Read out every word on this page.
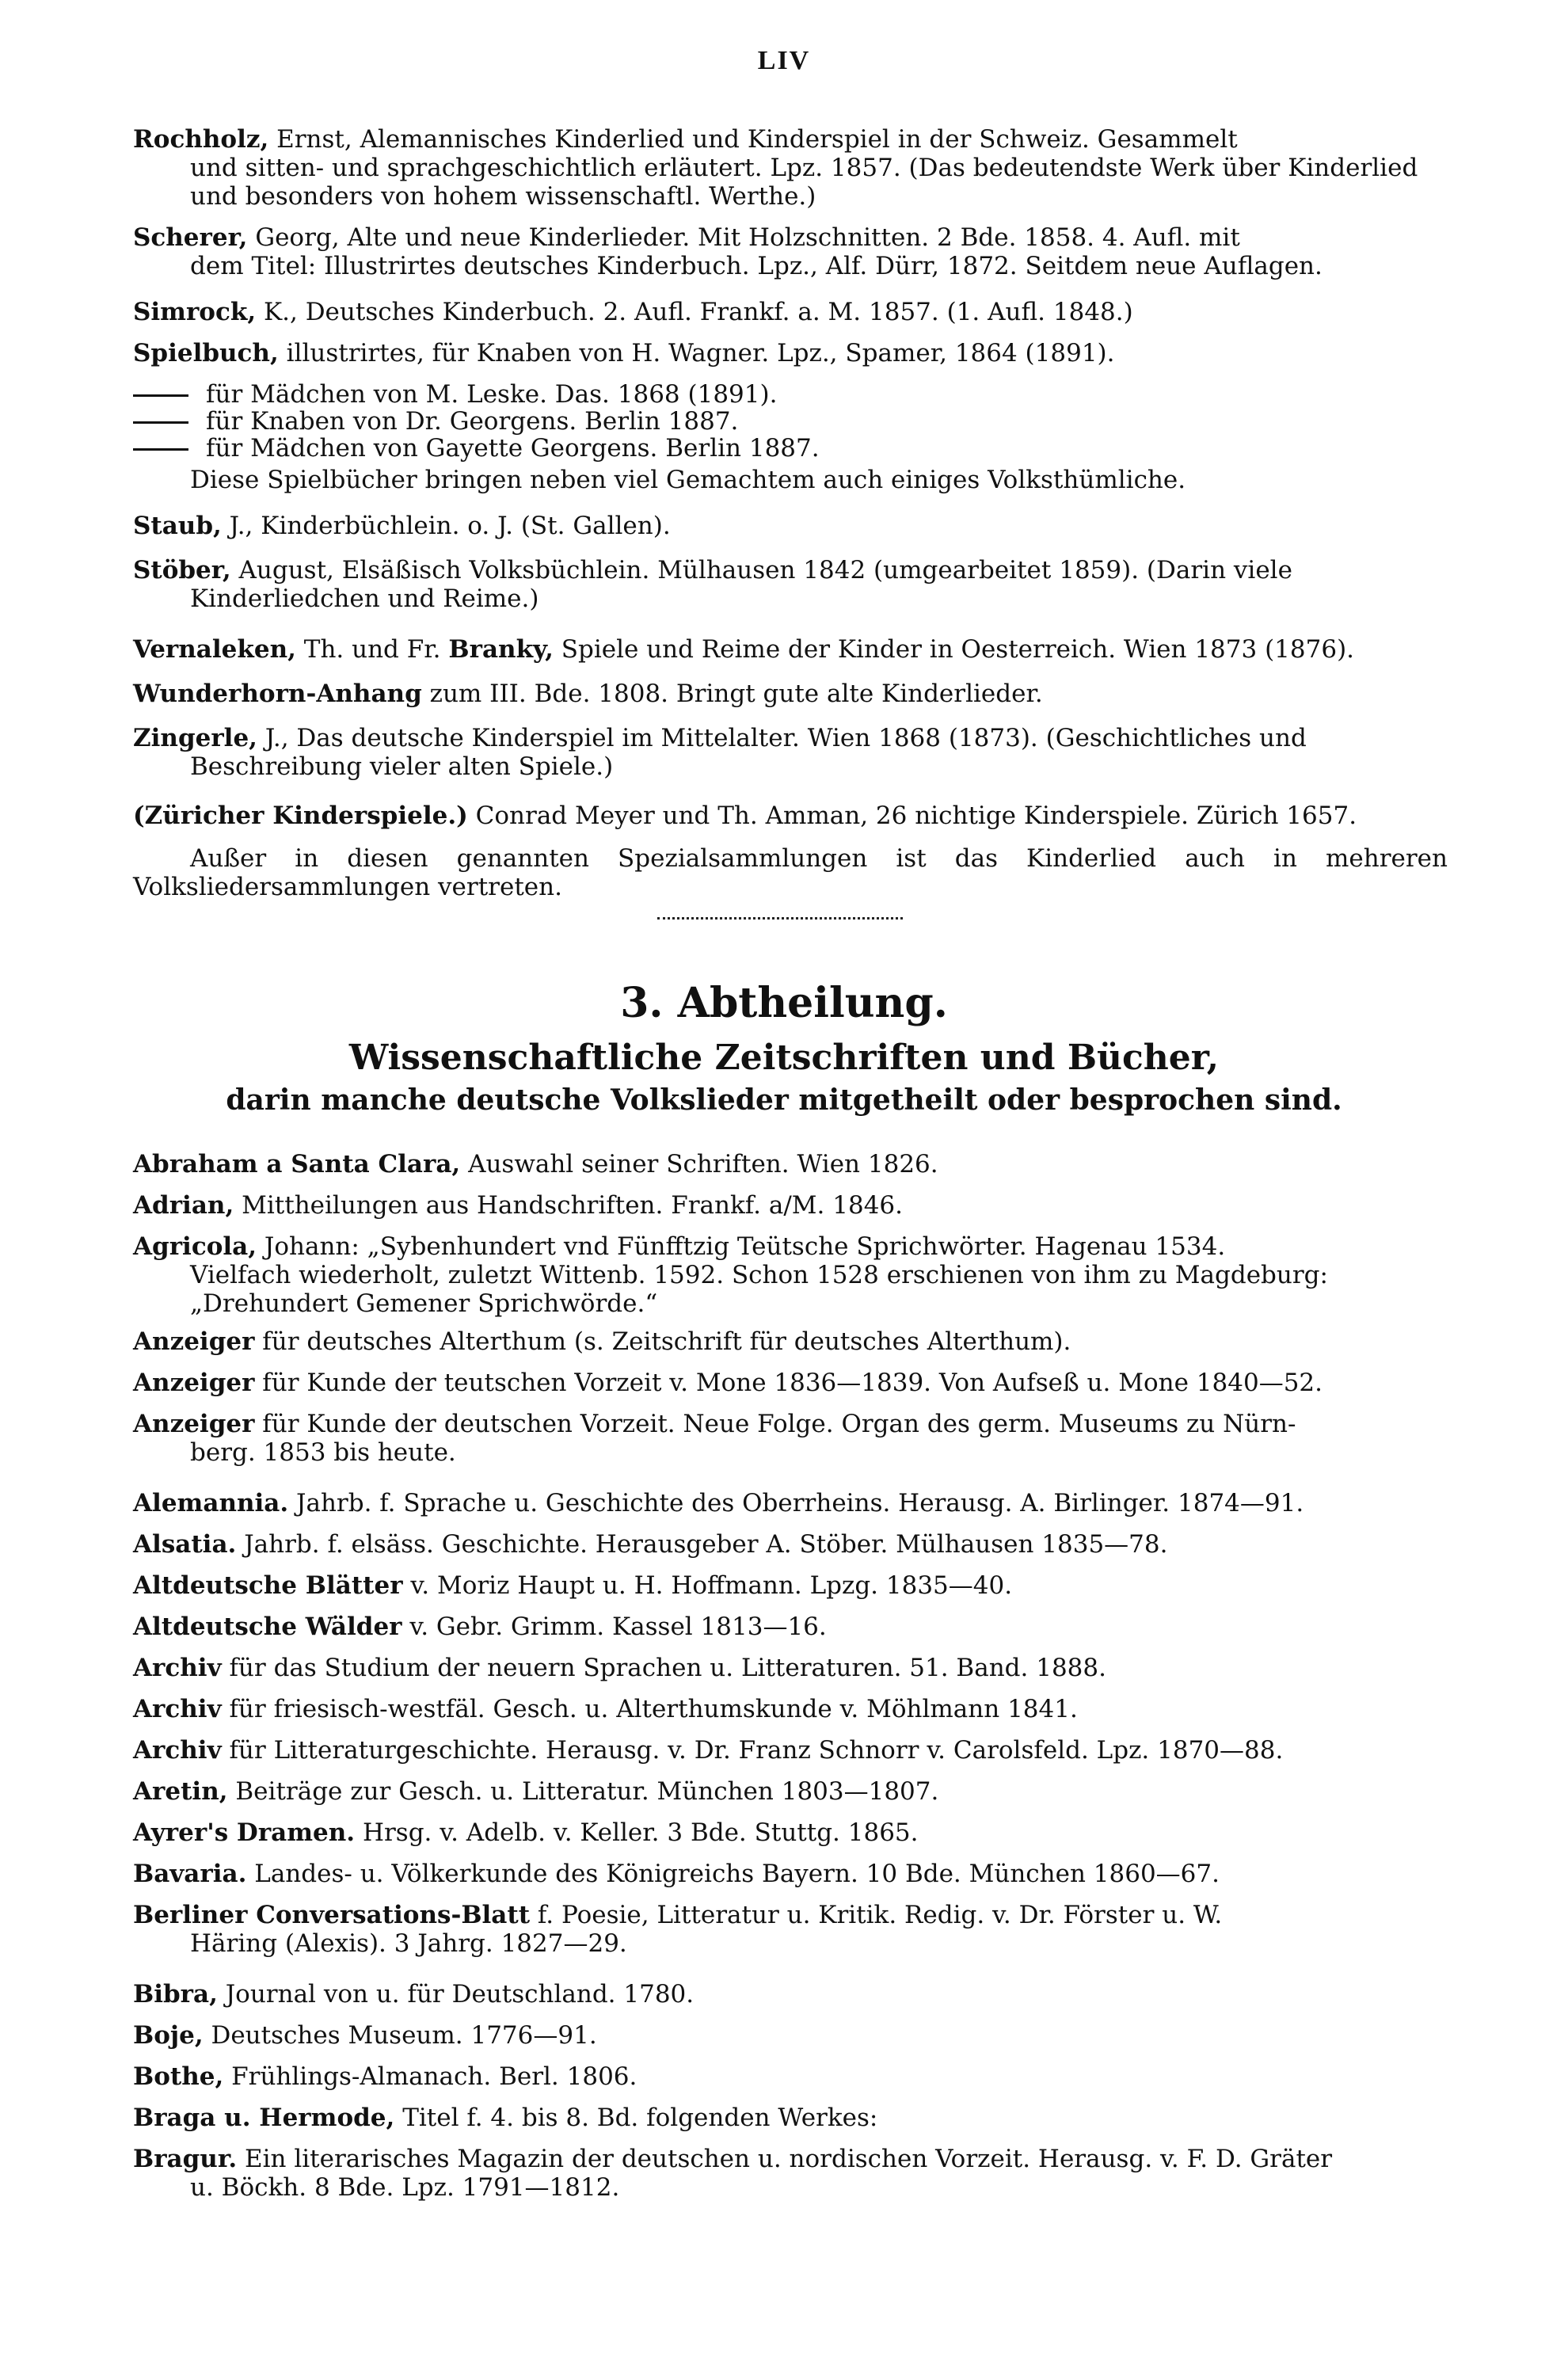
LIV
Rochholz, Ernst, Alemannisches Kinderlied und Kinderspiel in der Schweiz. Gesammelt
und sitten- und sprachgeschichtlich erläutert. Lpz. 1857. (Das bedeutendste Werk über Kinderlied
und besonders von hohem wissenschaftl. Werthe.)
Scherer, Georg, Alte und neue Kinderlieder. Mit Holzschnitten. 2 Bde. 1858. 4. Aufl. mit
dem Titel: Illustrirtes deutsches Kinderbuch. Lpz., Alf. Dürr, 1872. Seitdem neue Auflagen.
Simrock, K., Deutsches Kinderbuch. 2. Aufl. Frankf. a. M. 1857. (1. Aufl. 1848.)
Spielbuch, illustrirtes, für Knaben von H. Wagner. Lpz., Spamer, 1864 (1891).
für Mädchen von M. Leske. Das. 1868 (1891).
für Knaben von Dr. Georgens. Berlin 1887.
für Mädchen von Gayette Georgens. Berlin 1887.
Diese Spielbücher bringen neben viel Gemachtem auch einiges Volksthümliche.
Staub, J., Kinderbüchlein. o. J. (St. Gallen).
Stöber, August, Elsäßisch Volksbüchlein. Mülhausen 1842 (umgearbeitet 1859). (Darin viele
Kinderliedchen und Reime.)
Vernaleken, Th. und Fr. Branky, Spiele und Reime der Kinder in Oesterreich. Wien 1873 (1876).
Wunderhorn-Anhang zum III. Bde. 1808. Bringt gute alte Kinderlieder.
Zingerle, J., Das deutsche Kinderspiel im Mittelalter. Wien 1868 (1873). (Geschichtliches und
Beschreibung vieler alten Spiele.)
(Züricher Kinderspiele.) Conrad Meyer und Th. Amman, 26 nichtige Kinderspiele. Zürich 1657.
Außer in diesen genannten Spezialsammlungen ist das Kinderlied auch in mehreren Volksliedersammlungen vertreten.
3. Abtheilung.
Wissenschaftliche Zeitschriften und Bücher,
darin manche deutsche Volkslieder mitgetheilt oder besprochen sind.
Abraham a Santa Clara, Auswahl seiner Schriften. Wien 1826.
Adrian, Mittheilungen aus Handschriften. Frankf. a/M. 1846.
Agricola, Johann: „Sybenhundert vnd Fünfftzig Teütsche Sprichwörter. Hagenau 1534.
Vielfach wiederholt, zuletzt Wittenb. 1592. Schon 1528 erschienen von ihm zu Magdeburg:
„Drehundert Gemener Sprichwörde.“
Anzeiger für deutsches Alterthum (s. Zeitschrift für deutsches Alterthum).
Anzeiger für Kunde der teutschen Vorzeit v. Mone 1836—1839. Von Aufseß u. Mone 1840—52.
Anzeiger für Kunde der deutschen Vorzeit. Neue Folge. Organ des germ. Museums zu Nürn-
berg. 1853 bis heute.
Alemannia. Jahrb. f. Sprache u. Geschichte des Oberrheins. Herausg. A. Birlinger. 1874—91.
Alsatia. Jahrb. f. elsäss. Geschichte. Herausgeber A. Stöber. Mülhausen 1835—78.
Altdeutsche Blätter v. Moriz Haupt u. H. Hoffmann. Lpzg. 1835—40.
Altdeutsche Wälder v. Gebr. Grimm. Kassel 1813—16.
Archiv für das Studium der neuern Sprachen u. Litteraturen. 51. Band. 1888.
Archiv für friesisch-westfäl. Gesch. u. Alterthumskunde v. Möhlmann 1841.
Archiv für Litteraturgeschichte. Herausg. v. Dr. Franz Schnorr v. Carolsfeld. Lpz. 1870—88.
Aretin, Beiträge zur Gesch. u. Litteratur. München 1803—1807.
Ayrer's Dramen. Hrsg. v. Adelb. v. Keller. 3 Bde. Stuttg. 1865.
Bavaria. Landes- u. Völkerkunde des Königreichs Bayern. 10 Bde. München 1860—67.
Berliner Conversations-Blatt f. Poesie, Litteratur u. Kritik. Redig. v. Dr. Förster u. W.
Häring (Alexis). 3 Jahrg. 1827—29.
Bibra, Journal von u. für Deutschland. 1780.
Boje, Deutsches Museum. 1776—91.
Bothe, Frühlings-Almanach. Berl. 1806.
Braga u. Hermode, Titel f. 4. bis 8. Bd. folgenden Werkes:
Bragur. Ein literarisches Magazin der deutschen u. nordischen Vorzeit. Herausg. v. F. D. Gräter
u. Böckh. 8 Bde. Lpz. 1791—1812.
